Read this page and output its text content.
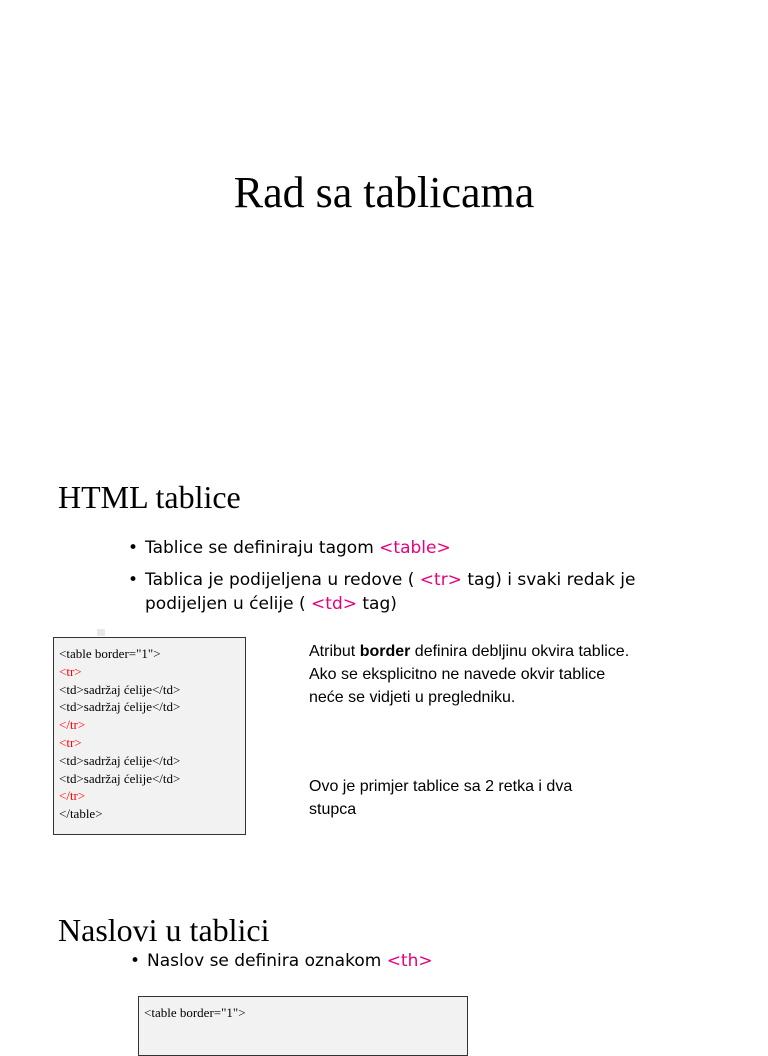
Rad sa tablicama
HTML tablice
• Tablice se definiraju tagom <table>
• Tablica je podijeljena u redove ( <tr> tag) i svaki redak je podijeljen u ćelije ( <td> tag)
<table border="1">
<tr>
<td>sadržaj ćelije</td>
<td>sadržaj ćelije</td>
</tr>
<tr>
<td>sadržaj ćelije</td>
<td>sadržaj ćelije</td>
</tr>
</table>
Atribut border definira debljinu okvira tablice. Ako se eksplicitno ne navede okvir tablice neće se vidjeti u pregledniku.
Ovo je primjer tablice sa 2 retka i dva stupca
Naslovi u tablici
• Naslov se definira oznakom <th>
<table border="1">
